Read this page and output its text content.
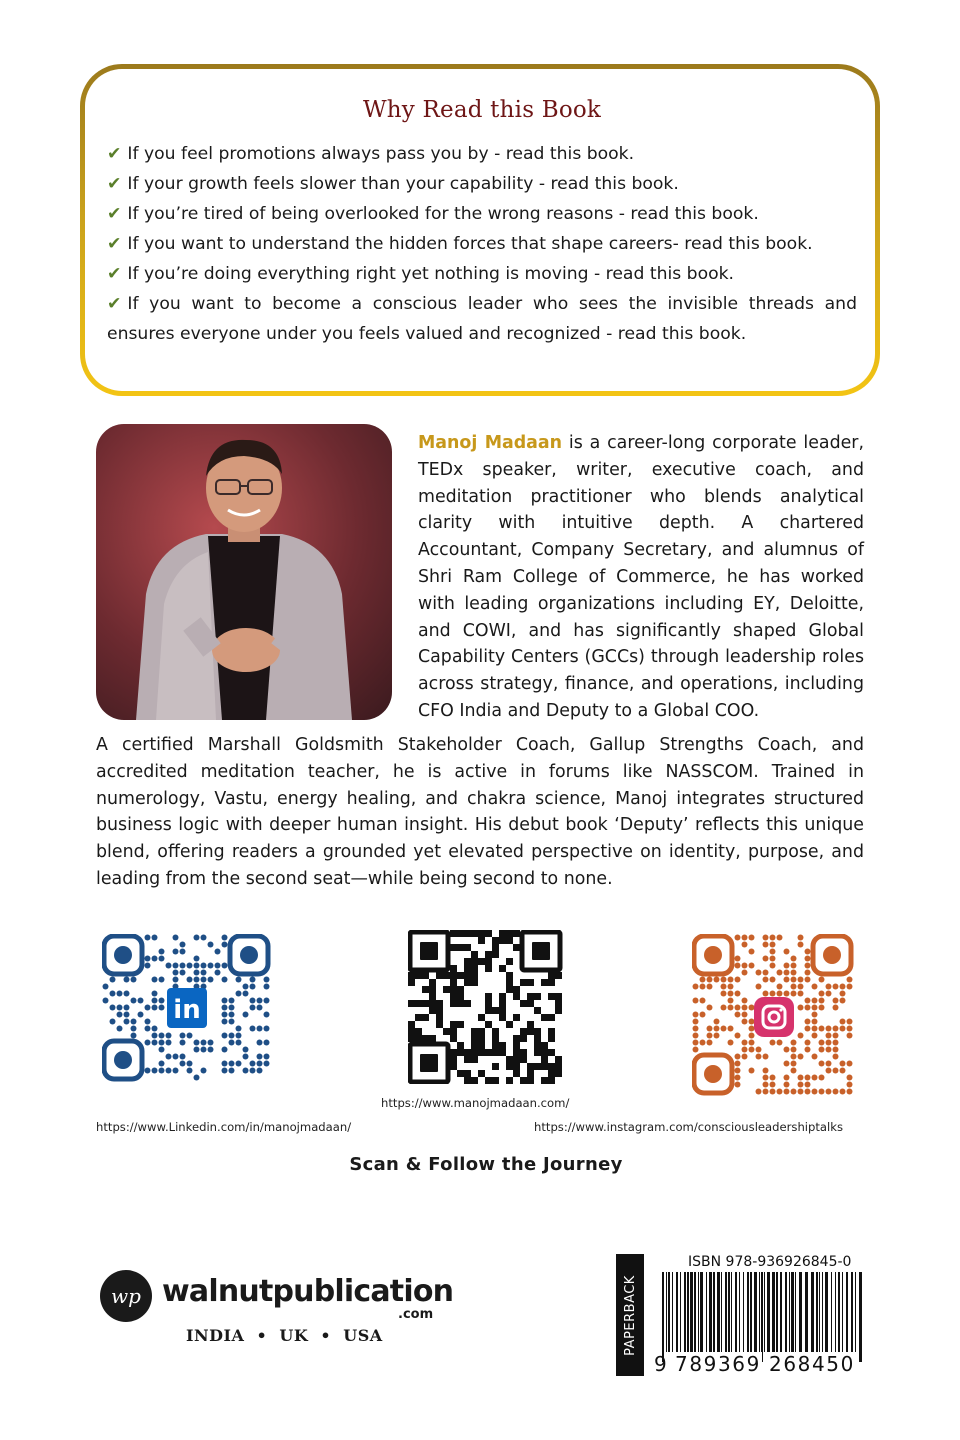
Why Read this Book
✔ If you feel promotions always pass you by - read this book.
✔ If your growth feels slower than your capability - read this book.
✔ If you’re tired of being overlooked for the wrong reasons - read this book.
✔ If you want to understand the hidden forces that shape careers- read this book.
✔ If you’re doing everything right yet nothing is moving - read this book.
✔ If you want to become a conscious leader who sees the invisible threads and ensures everyone under you feels valued and recognized - read this book.

Manoj Madaan is a career-long corporate leader, TEDx speaker, writer, executive coach, and meditation practitioner who blends analytical clarity with intuitive depth. A chartered Accountant, Company Secretary, and alumnus of Shri Ram College of Commerce, he has worked with leading organizations including EY, Deloitte, and COWI, and has significantly shaped Global Capability Centers (GCCs) through leadership roles across strategy, finance, and operations, including CFO India and Deputy to a Global COO.

A certified Marshall Goldsmith Stakeholder Coach, Gallup Strengths Coach, and accredited meditation teacher, he is active in forums like NASSCOM. Trained in numerology, Vastu, energy healing, and chakra science, Manoj integrates structured business logic with deeper human insight. His debut book ‘Deputy’ reflects this unique blend, offering readers a grounded yet elevated perspective on identity, purpose, and leading from the second seat—while being second to none.

in
https://www.manojmadaan.com/
https://www.Linkedin.com/in/manojmadaan/	https://www.instagram.com/consciousleadershiptalks
Scan & Follow the Journey
wp walnutpublication
.com
INDIA  •  UK  •  USA	PAPERBACK
ISBN 978-936926845-0
9 789369 268450
